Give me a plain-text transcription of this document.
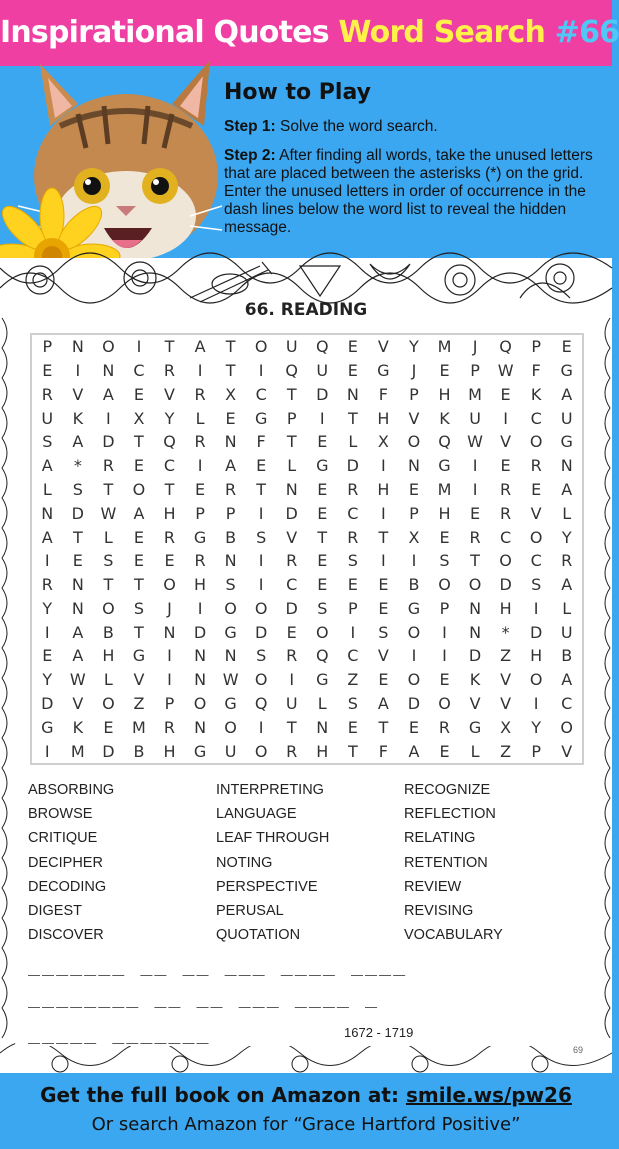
Inspirational Quotes Word Search #66
How to Play
Step 1: Solve the word search.
Step 2: After finding all words, take the unused letters that are placed between the asterisks (*) on the grid. Enter the unused letters in order of occurrence in the dash lines below the word list to reveal the hidden message.
66. READING
P	N	O	I	T	A	T	O	U	Q	E	V	Y	M	J	Q	P	E
E	I	N	C	R	I	T	I	Q	U	E	G	J	E	P	W	F	G
R	V	A	E	V	R	X	C	T	D	N	F	P	H	M	E	K	A
U	K	I	X	Y	L	E	G	P	I	T	H	V	K	U	I	C	U
S	A	D	T	Q	R	N	F	T	E	L	X	O	Q	W	V	O	G
A	*	R	E	C	I	A	E	L	G	D	I	N	G	I	E	R	N
L	S	T	O	T	E	R	T	N	E	R	H	E	M	I	R	E	A
N	D	W	A	H	P	P	I	D	E	C	I	P	H	E	R	V	L
A	T	L	E	R	G	B	S	V	T	R	T	X	E	R	C	O	Y
I	E	S	E	E	R	N	I	R	E	S	I	I	S	T	O	C	R
R	N	T	T	O	H	S	I	C	E	E	E	B	O	O	D	S	A
Y	N	O	S	J	I	O	O	D	S	P	E	G	P	N	H	I	L
I	A	B	T	N	D	G	D	E	O	I	S	O	I	N	*	D	U
E	A	H	G	I	N	N	S	R	Q	C	V	I	I	D	Z	H	B
Y	W	L	V	I	N	W	O	I	G	Z	E	O	E	K	V	O	A
D	V	O	Z	P	O	G	Q	U	L	S	A	D	O	V	V	I	C
G	K	E	M	R	N	O	I	T	N	E	T	E	R	G	X	Y	O
I	M	D	B	H	G	U	O	R	H	T	F	A	E	L	Z	P	V
ABSORBING
BROWSE
CRITIQUE
DECIPHER
DECODING
DIGEST
DISCOVER
INTERPRETING
LANGUAGE
LEAF THROUGH
NOTING
PERSPECTIVE
PERUSAL
QUOTATION
RECOGNIZE
REFLECTION
RELATING
RETENTION
REVIEW
REVISING
VOCABULARY
_______ __ __ ___ ____ ____
________ __ __ ___ ____ _
_____ _______	1672 - 1719
69
Get the full book on Amazon at: smile.ws/pw26
Or search Amazon for “Grace Hartford Positive”
